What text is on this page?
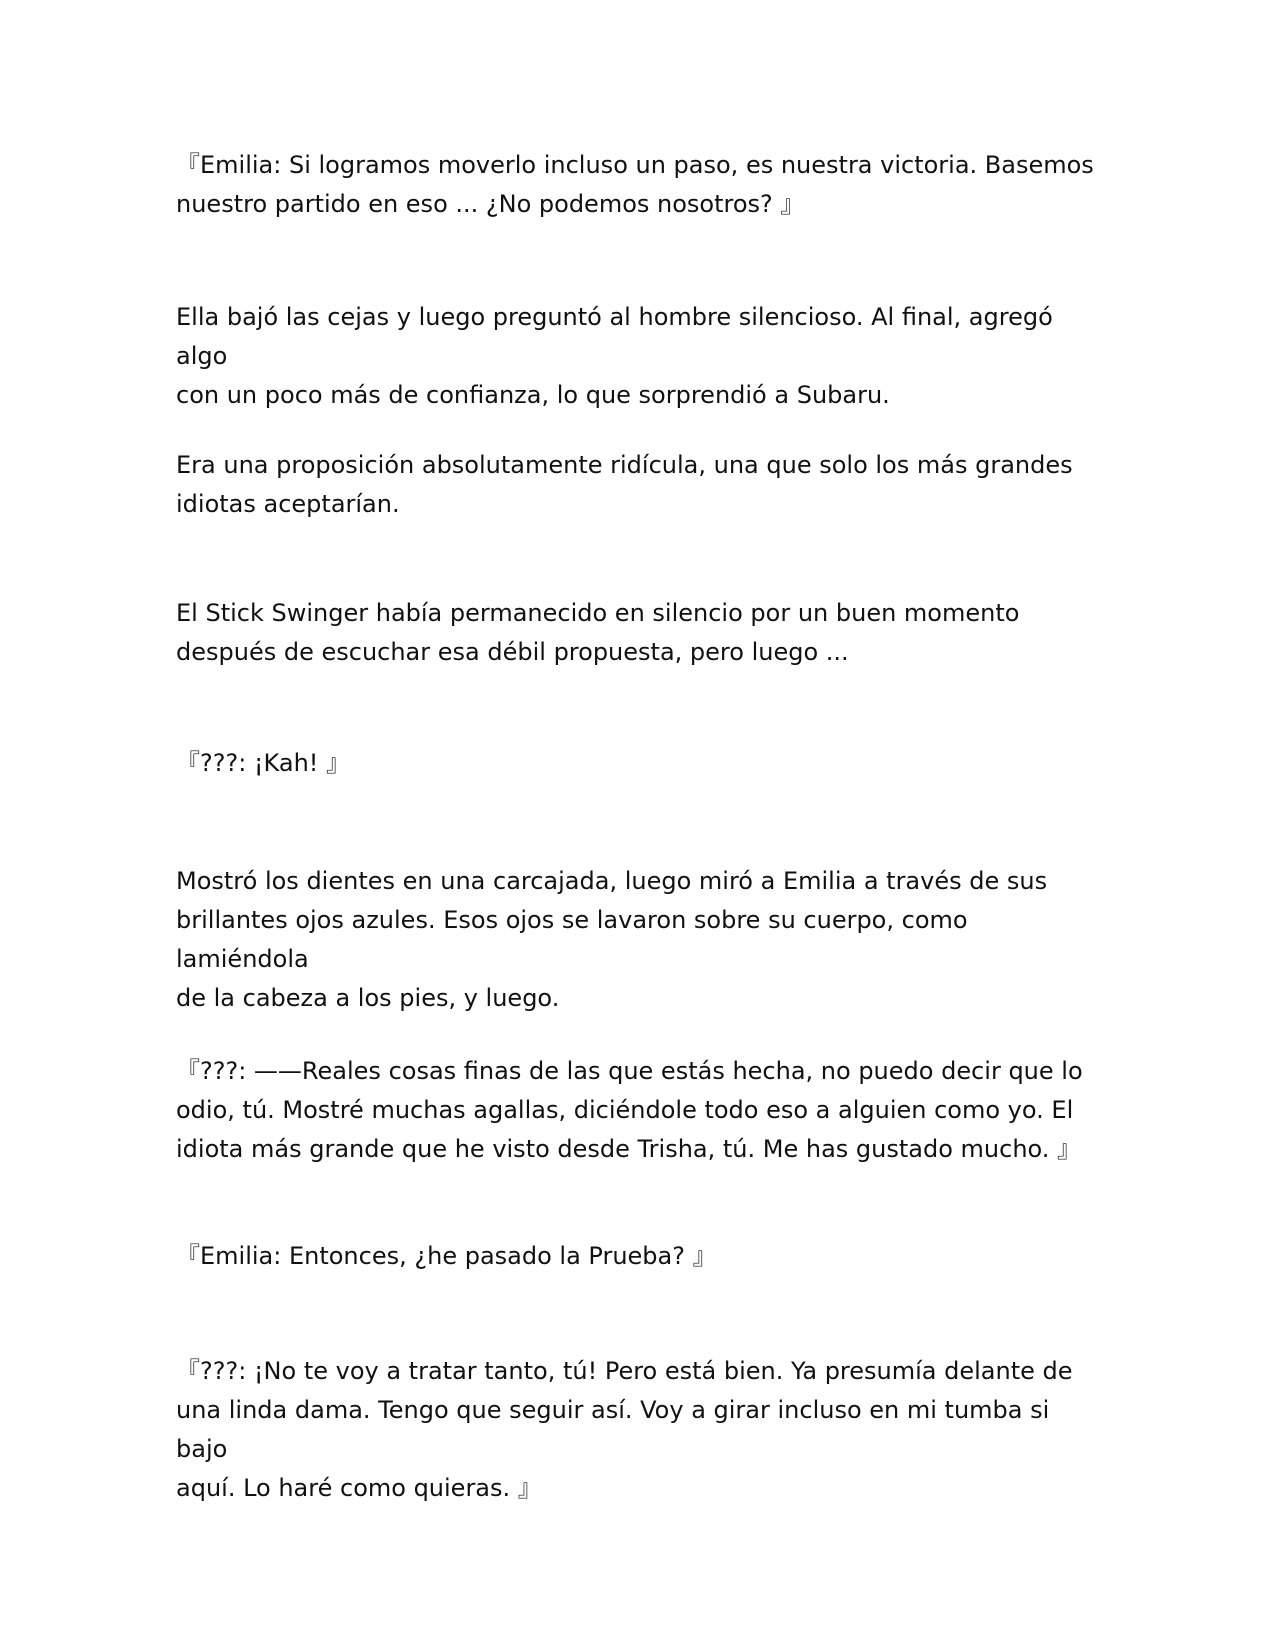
『Emilia: Si logramos moverlo incluso un paso, es nuestra victoria. Basemos
nuestro partido en eso ... ¿No podemos nosotros? 』

Ella bajó las cejas y luego preguntó al hombre silencioso. Al final, agregó algo
con un poco más de confianza, lo que sorprendió a Subaru.

Era una proposición absolutamente ridícula, una que solo los más grandes
idiotas aceptarían.

El Stick Swinger había permanecido en silencio por un buen momento
después de escuchar esa débil propuesta, pero luego ...

『???: ¡Kah! 』

Mostró los dientes en una carcajada, luego miró a Emilia a través de sus
brillantes ojos azules. Esos ojos se lavaron sobre su cuerpo, como lamiéndola
de la cabeza a los pies, y luego.

『???: ——Reales cosas finas de las que estás hecha, no puedo decir que lo
odio, tú. Mostré muchas agallas, diciéndole todo eso a alguien como yo. El
idiota más grande que he visto desde Trisha, tú. Me has gustado mucho. 』

『Emilia: Entonces, ¿he pasado la Prueba? 』

『???: ¡No te voy a tratar tanto, tú! Pero está bien. Ya presumía delante de
una linda dama. Tengo que seguir así. Voy a girar incluso en mi tumba si bajo
aquí. Lo haré como quieras. 』
